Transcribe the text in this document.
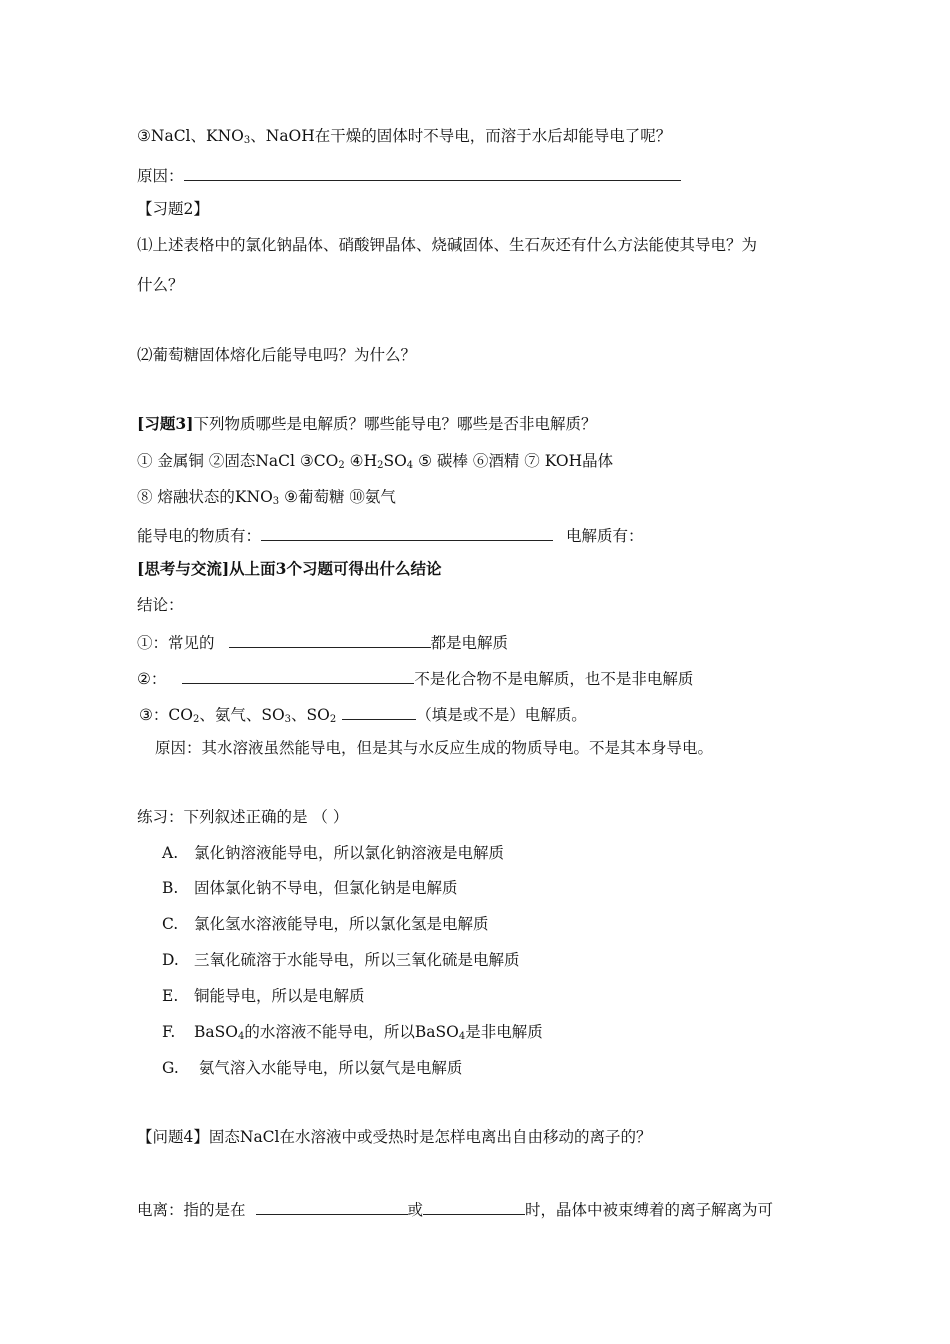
③NaCl、$KNO_3$、NaOH在干燥的固体时不导电，而溶于水后却能导电了呢？
原因：
【习题2】
⑴上述表格中的氯化钠晶体、硝酸钾晶体、烧碱固体、生石灰还有什么方法能使其导电？为
什么？
⑵葡萄糖固体熔化后能导电吗？为什么？
[习题3]下列物质哪些是电解质？哪些能导电？哪些是否非电解质？
① 金属铜 ②固态NaCl $③CO_2$ $④H_2SO_4$ ⑤ 碳棒 ⑥酒精 ⑦ KOH晶体
⑧ 熔融状态的$KNO_3$ ⑨葡萄糖 ⑩氨气
能导电的物质有：	电解质有：
[思考与交流]从上面3个习题可得出什么结论
结论：
①：常见的	都是电解质
②：	不是化合物不是电解质，也不是非电解质
③：$CO_2$、氨气、$SO_3$、$SO_2$	（填是或不是）电解质。
原因：其水溶液虽然能导电，但是其与水反应生成的物质导电。不是其本身导电。
练习：下列叙述正确的是 （ ）
A. 氯化钠溶液能导电，所以氯化钠溶液是电解质
B. 固体氯化钠不导电，但氯化钠是电解质
C. 氯化氢水溶液能导电，所以氯化氢是电解质
D. 三氧化硫溶于水能导电，所以三氧化硫是电解质
E. 铜能导电，所以是电解质
F. BaSO$_4$的水溶液不能导电，所以BaSO$_4$是非电解质
G. 氨气溶入水能导电，所以氨气是电解质
【问题4】固态NaCl在水溶液中或受热时是怎样电离出自由移动的离子的？
电离：指的是在	或	时，晶体中被束缚着的离子解离为可
